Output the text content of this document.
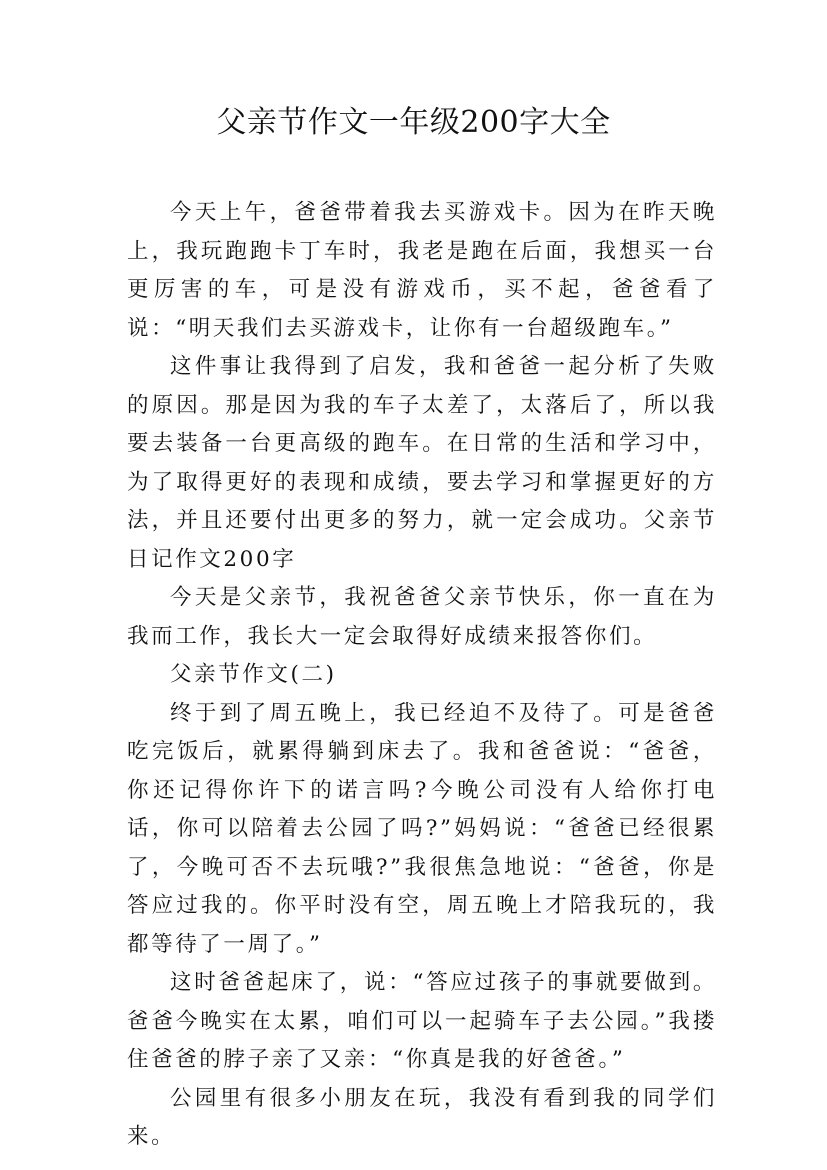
父亲节作文一年级200字大全

今天上午，爸爸带着我去买游戏卡。因为在昨天晚上，我玩跑跑卡丁车时，我老是跑在后面，我想买一台更厉害的车，可是没有游戏币，买不起，爸爸看了说：“明天我们去买游戏卡，让你有一台超级跑车。”

这件事让我得到了启发，我和爸爸一起分析了失败的原因。那是因为我的车子太差了，太落后了，所以我要去装备一台更高级的跑车。在日常的生活和学习中，为了取得更好的表现和成绩，要去学习和掌握更好的方法，并且还要付出更多的努力，就一定会成功。父亲节日记作文200字

今天是父亲节，我祝爸爸父亲节快乐，你一直在为我而工作，我长大一定会取得好成绩来报答你们。

父亲节作文(二)

终于到了周五晚上，我已经迫不及待了。可是爸爸吃完饭后，就累得躺到床去了。我和爸爸说：“爸爸，你还记得你许下的诺言吗?今晚公司没有人给你打电话，你可以陪着去公园了吗?”妈妈说：“爸爸已经很累了，今晚可否不去玩哦?”我很焦急地说：“爸爸，你是答应过我的。你平时没有空，周五晚上才陪我玩的，我都等待了一周了。”

这时爸爸起床了，说：“答应过孩子的事就要做到。爸爸今晚实在太累，咱们可以一起骑车子去公园。”我搂住爸爸的脖子亲了又亲：“你真是我的好爸爸。”

公园里有很多小朋友在玩，我没有看到我的同学们来。
